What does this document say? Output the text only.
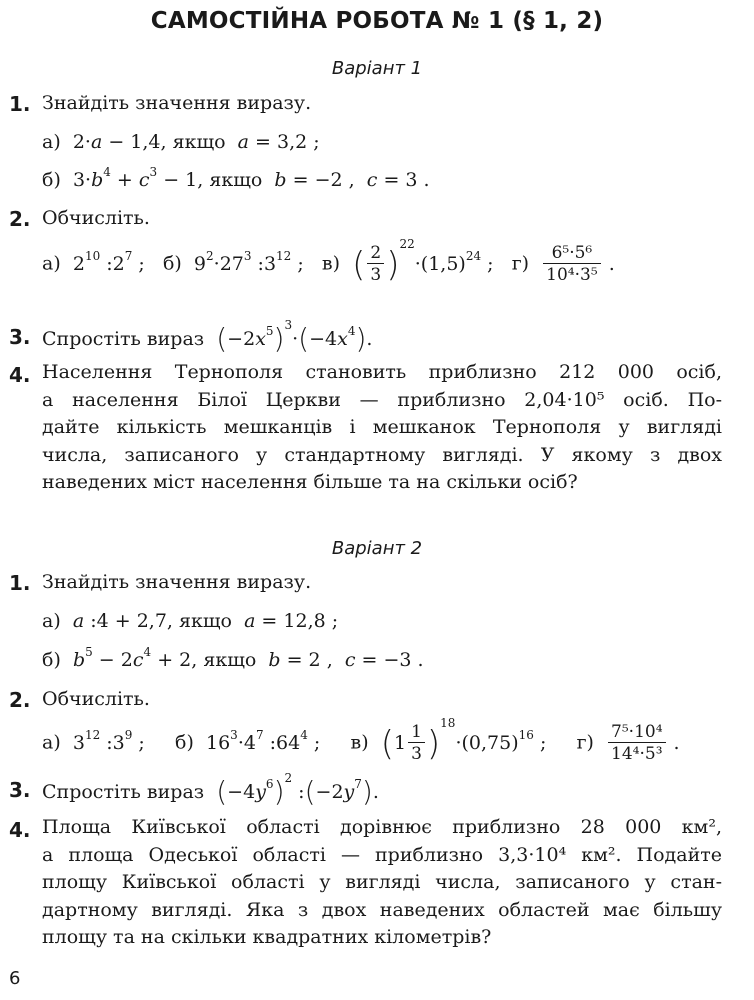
САМОСТІЙНА РОБОТА № 1 (§ 1, 2)
Варіант 1
1. Знайдіть значення виразу.
а)  2·a − 1,4, якщо a = 3,2 ;
б)  $3\cdot b^4 + c^3 - 1$, якщо b = −2 ,  c = 3 .
2. Обчисліть.
а)  $2^{10}$ $:2^7$ ;   б)  $9^2\cdot 27^3$ $:3^{12}$ ;   в) ( $\frac{2}{3} )^{22}\cdot(1,5)^{24}$ ;   $г) \frac{\text{6⁵·5⁶}}{\text{10⁴·3⁵}}$ .
3. Спростіть вираз $(-2x^5)^3\cdot(-4x^4)$.
4. Населення Тернополя становить приблизно 212 000 осіб,
а населення Білої Церкви — приблизно 2,04·10⁵ осіб. По-
дайте кількість мешканців і мешканок Тернополя у вигляді
числа, записаного у стандартному вигляді. У якому з двох
наведених міст населення більше та на скільки осіб?
Варіант 2
1. Знайдіть значення виразу.
а) a :4 + 2,7, якщо a = 12,8 ;
б) $b^5 - 2c^4 + 2$, якщо b = 2 ,  c = −3 .
2. Обчисліть.
а)  $3^{12}$ $:3^9$ ;     б)  $16^3\cdot 4^7$ $:64^4$ ;     в) $(1 \frac{1}{3} )^{18}\cdot(0,75)^{16}$ ;     $г) \frac{\text{7⁵·10⁴}}{\text{14⁴·5³}}$ .
3. Спростіть вираз $(-4y^6)^2$ $:(-2y^7)$.
4. Площа Київської області дорівнює приблизно 28 000 км²,
а площа Одеської області — приблизно 3,3·10⁴ км². Подайте
площу Київської області у вигляді числа, записаного у стан-
дартному вигляді. Яка з двох наведених областей має більшу
площу та на скільки квадратних кілометрів?
6
